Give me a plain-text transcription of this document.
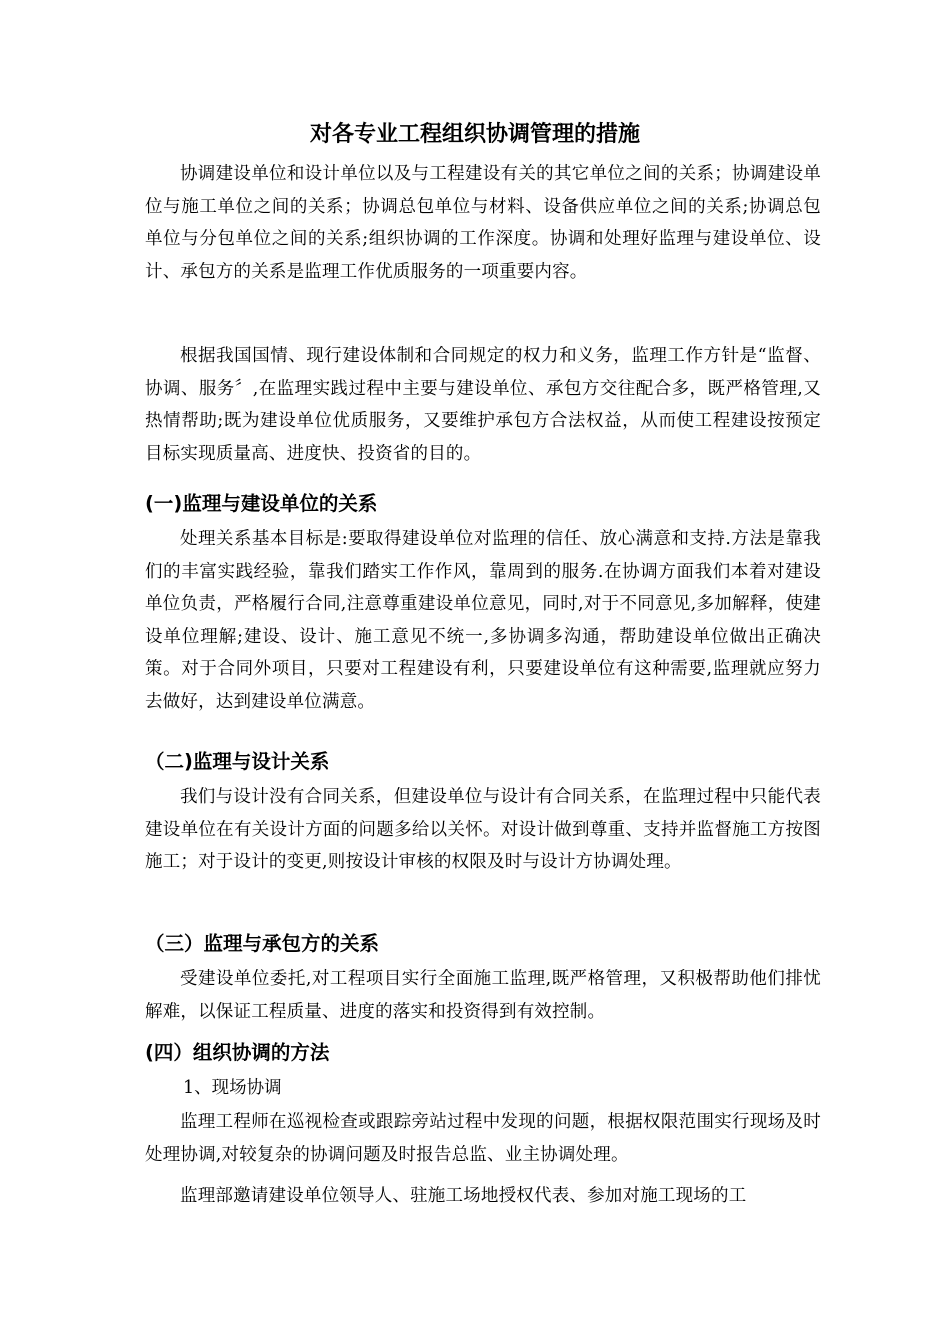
对各专业工程组织协调管理的措施

协调建设单位和设计单位以及与工程建设有关的其它单位之间的关系；协调建设单位与施工单位之间的关系；协调总包单位与材料、设备供应单位之间的关系;协调总包单位与分包单位之间的关系;组织协调的工作深度。协调和处理好监理与建设单位、设计、承包方的关系是监理工作优质服务的一项重要内容。

根据我国国情、现行建设体制和合同规定的权力和义务，监理工作方针是“监督、协调、服务〞,在监理实践过程中主要与建设单位、承包方交往配合多，既严格管理,又热情帮助;既为建设单位优质服务，又要维护承包方合法权益，从而使工程建设按预定目标实现质量高、进度快、投资省的目的。

(一)监理与建设单位的关系

处理关系基本目标是:要取得建设单位对监理的信任、放心满意和支持.方法是靠我们的丰富实践经验，靠我们踏实工作作风，靠周到的服务.在协调方面我们本着对建设单位负责，严格履行合同,注意尊重建设单位意见，同时,对于不同意见,多加解释，使建设单位理解;建设、设计、施工意见不统一,多协调多沟通，帮助建设单位做出正确决策。对于合同外项目，只要对工程建设有利，只要建设单位有这种需要,监理就应努力去做好，达到建设单位满意。

（二)监理与设计关系

我们与设计没有合同关系，但建设单位与设计有合同关系，在监理过程中只能代表建设单位在有关设计方面的问题多给以关怀。对设计做到尊重、支持并监督施工方按图施工；对于设计的变更,则按设计审核的权限及时与设计方协调处理。

（三）监理与承包方的关系

受建设单位委托,对工程项目实行全面施工监理,既严格管理，又积极帮助他们排忧解难，以保证工程质量、进度的落实和投资得到有效控制。

(四）组织协调的方法

1、现场协调

监理工程师在巡视检查或跟踪旁站过程中发现的问题，根据权限范围实行现场及时处理协调,对较复杂的协调问题及时报告总监、业主协调处理。

监理部邀请建设单位领导人、驻施工场地授权代表、参加对施工现场的工
